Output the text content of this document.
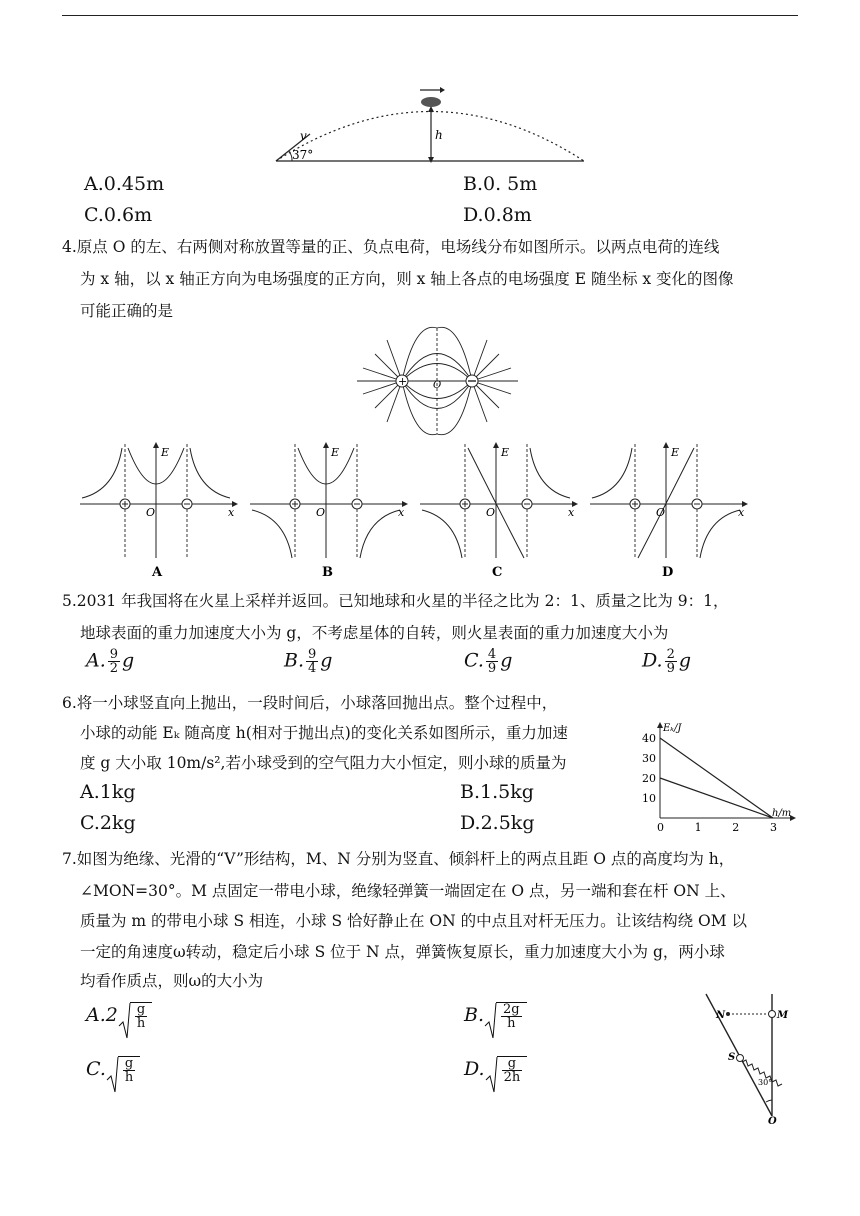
h
v
37°
A.0.45m	B.0. 5m
C.0.6m	D.0.8m
4.原点 O 的左、右两侧对称放置等量的正、负点电荷，电场线分布如图所示。以两点电荷的连线
为 x 轴，以 x 轴正方向为电场强度的正方向，则 x 轴上各点的电场强度 E 随坐标 x 变化的图像
可能正确的是
+	O
E
x
O
E
x
O
E
x
O
E
x
O
A	B	C	D
5.2031 年我国将在火星上采样并返回。已知地球和火星的半径之比为 2：1、质量之比为 9：1，
地球表面的重力加速度大小为 g，不考虑星体的自转，则火星表面的重力加速度大小为
A. $\frac{9}{2}$ g	B. $\frac{9}{4}$ g	C. $\frac{4}{9}$ g	D. $\frac{2}{9}$ g
6.将一小球竖直向上抛出，一段时间后，小球落回抛出点。整个过程中，
小球的动能 Eₖ 随高度 h(相对于抛出点)的变化关系如图所示，重力加速
度 g 大小取 10m/s²,若小球受到的空气阻力大小恒定，则小球的质量为
A.1kg	B.1.5kg
C.2kg	D.2.5kg
Eₖ/J
h/m
0	1	2	3
10
20
30
40
7.如图为绝缘、光滑的“V”形结构，M、N 分别为竖直、倾斜杆上的两点且距 O 点的高度均为 h，
∠MON=30°。M 点固定一带电小球，绝缘轻弹簧一端固定在 O 点，另一端和套在杆 ON 上、
质量为 m 的带电小球 S 相连，小球 S 恰好静止在 ON 的中点且对杆无压力。让该结构绕 OM 以
一定的角速度ω转动，稳定后小球 S 位于 N 点，弹簧恢复原长，重力加速度大小为 g，两小球
均看作质点，则ω的大小为
$A.2 \frac{g}{h}$	B. $\frac{2g}{h}$
C. $\frac{g}{h}$	D. $\frac{g}{2h}$
N	M
S
O
30°
